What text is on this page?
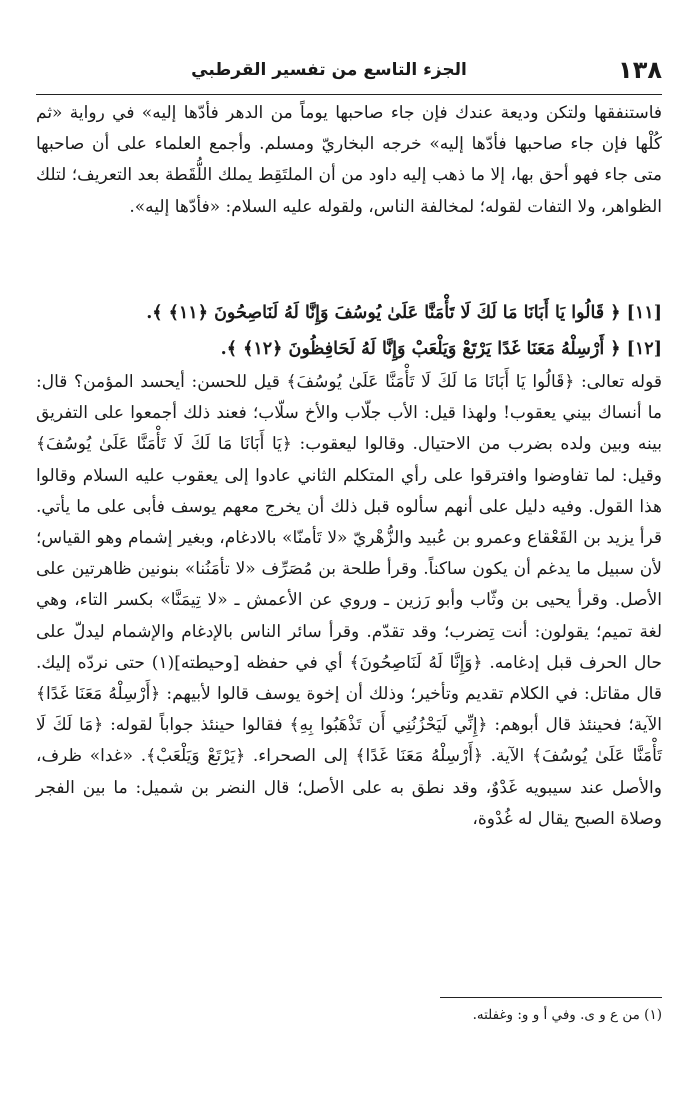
١٣٨
الجزء التاسع من تفسير القرطبي

فاستنفقها ولتكن وديعة عندك فإن جاء صاحبها يوماً من الدهر فأدّها إليه» في رواية «ثم كُلْها فإن جاء صاحبها فأدّها إليه» خرجه البخاريّ ومسلم. وأجمع العلماء على أن صاحبها متى جاء فهو أحق بها، إلا ما ذهب إليه داود من أن الملتَقِط يملك اللُّقَطة بعد التعريف؛ لتلك الظواهر، ولا التفات لقوله؛ لمخالفة الناس، ولقوله عليه السلام: «فأدّها إليه».

[١١] ﴿ قَالُوا يَا أَبَانَا مَا لَكَ لَا تَأْمَنَّا عَلَىٰ يُوسُفَ وَإِنَّا لَهُ لَنَاصِحُونَ ﴿١١﴾ ﴾.

[١٢] ﴿ أَرْسِلْهُ مَعَنَا غَدًا يَرْتَعْ وَيَلْعَبْ وَإِنَّا لَهُ لَحَافِظُونَ ﴿١٢﴾ ﴾.

قوله تعالى: ﴿قَالُوا يَا أَبَانَا مَا لَكَ لَا تَأْمَنَّا عَلَىٰ يُوسُفَ﴾ قيل للحسن: أيحسد المؤمن؟ قال: ما أنساك بيني يعقوب! ولهذا قيل: الأب جلّاب والأخ سلّاب؛ فعند ذلك أجمعوا على التفريق بينه وبين ولده بضرب من الاحتيال. وقالوا ليعقوب: ﴿يَا أَبَانَا مَا لَكَ لَا تَأْمَنَّا عَلَىٰ يُوسُفَ﴾ وقيل: لما تفاوضوا وافترقوا على رأي المتكلم الثاني عادوا إلى يعقوب عليه السلام وقالوا هذا القول. وفيه دليل على أنهم سألوه قبل ذلك أن يخرج معهم يوسف فأبى على ما يأتي. قرأ يزيد بن القَعْقاع وعمرو بن عُبيد والزُّهْريّ «لا تَأمنّا» بالادغام، وبغير إشمام وهو القياس؛ لأن سبيل ما يدغم أن يكون ساكناً. وقرأ طلحة بن مُصَرِّف «لا تأمَنُنا» بنونين ظاهرتين على الأصل. وقرأ يحيى بن وثّاب وأبو رَزين ـ وروي عن الأعمش ـ «لا تِيمَنَّا» بكسر التاء، وهي لغة تميم؛ يقولون: أنت تِضرب؛ وقد تقدّم. وقرأ سائر الناس بالإدغام والإشمام ليدلّ على حال الحرف قبل إدغامه. ﴿وَإِنَّا لَهُ لَنَاصِحُونَ﴾ أي في حفظه [وحيطته](١) حتى نردّه إليك. قال مقاتل: في الكلام تقديم وتأخير؛ وذلك أن إخوة يوسف قالوا لأبيهم: ﴿أَرْسِلْهُ مَعَنَا غَدًا﴾ الآية؛ فحينئذ قال أبوهم: ﴿إِنِّي لَيَحْزُنُنِي أَن تَذْهَبُوا بِهِ﴾ فقالوا حينئذ جواباً لقوله: ﴿مَا لَكَ لَا تَأْمَنَّا عَلَىٰ يُوسُفَ﴾ الآية. ﴿أَرْسِلْهُ مَعَنَا غَدًا﴾ إلى الصحراء. ﴿يَرْتَعْ وَيَلْعَبْ﴾. «غدا» ظرف، والأصل عند سيبويه غَدْوٌ، وقد نطق به على الأصل؛ قال النضر بن شميل: ما بين الفجر وصلاة الصبح يقال له غُدْوة،

(١) من ع و ى. وفي أ و و: وغفلته.
